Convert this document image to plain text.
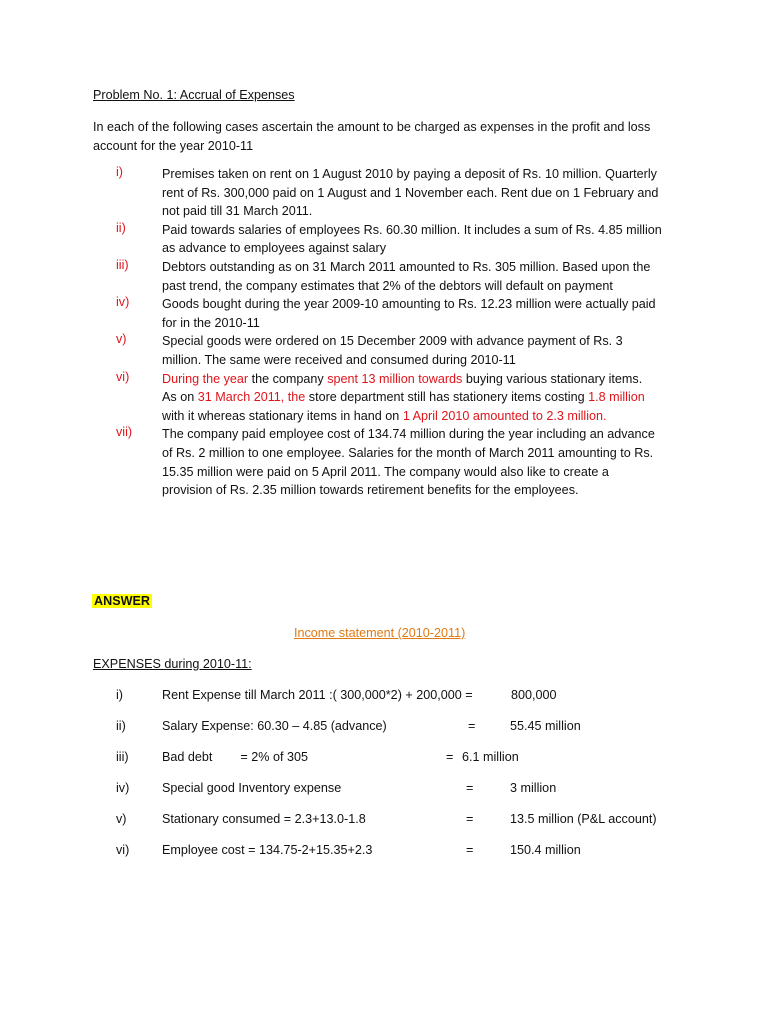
Problem No. 1: Accrual of Expenses
In each of the following cases ascertain the amount to be charged as expenses in the profit and loss
account for the year 2010-11
i)	Premises taken on rent on 1 August 2010 by paying a deposit of Rs. 10 million. Quarterly
rent of Rs. 300,000 paid on 1 August and 1 November each. Rent due on 1 February and
not paid till 31 March 2011.
ii)	Paid towards salaries of employees Rs. 60.30 million. It includes a sum of Rs. 4.85 million
as advance to employees against salary
iii)	Debtors outstanding as on 31 March 2011 amounted to Rs. 305 million. Based upon the
past trend, the company estimates that 2% of the debtors will default on payment
iv)	Goods bought during the year 2009-10 amounting to Rs. 12.23 million were actually paid
for in the 2010-11
v)	Special goods were ordered on 15 December 2009 with advance payment of Rs. 3
million. The same were received and consumed during 2010-11
vi)	During the year the company spent 13 million towards buying various stationary items.
As on 31 March 2011, the store department still has stationery items costing 1.8 million
with it whereas stationary items in hand on 1 April 2010 amounted to 2.3 million.
vii) The company paid employee cost of 134.74 million during the year including an advance
of Rs. 2 million to one employee. Salaries for the month of March 2011 amounting to Rs.
15.35 million were paid on 5 April 2011. The company would also like to create a
provision of Rs. 2.35 million towards retirement benefits for the employees.
ANSWER
Income statement (2010-2011)
EXPENSES during 2010-11:
i)	Rent Expense till March 2011 :( 300,000*2) + 200,000 =	800,000
ii)	Salary Expense: 60.30 – 4.85 (advance)	=	55.45 million
iii)	Bad debt        = 2% of 305	= 6.1 million
iv)	Special good Inventory expense	=	3 million
v)	Stationary consumed = 2.3+13.0-1.8	=	13.5 million (P&L account)
vi)	Employee cost = 134.75-2+15.35+2.3	=	150.4 million
